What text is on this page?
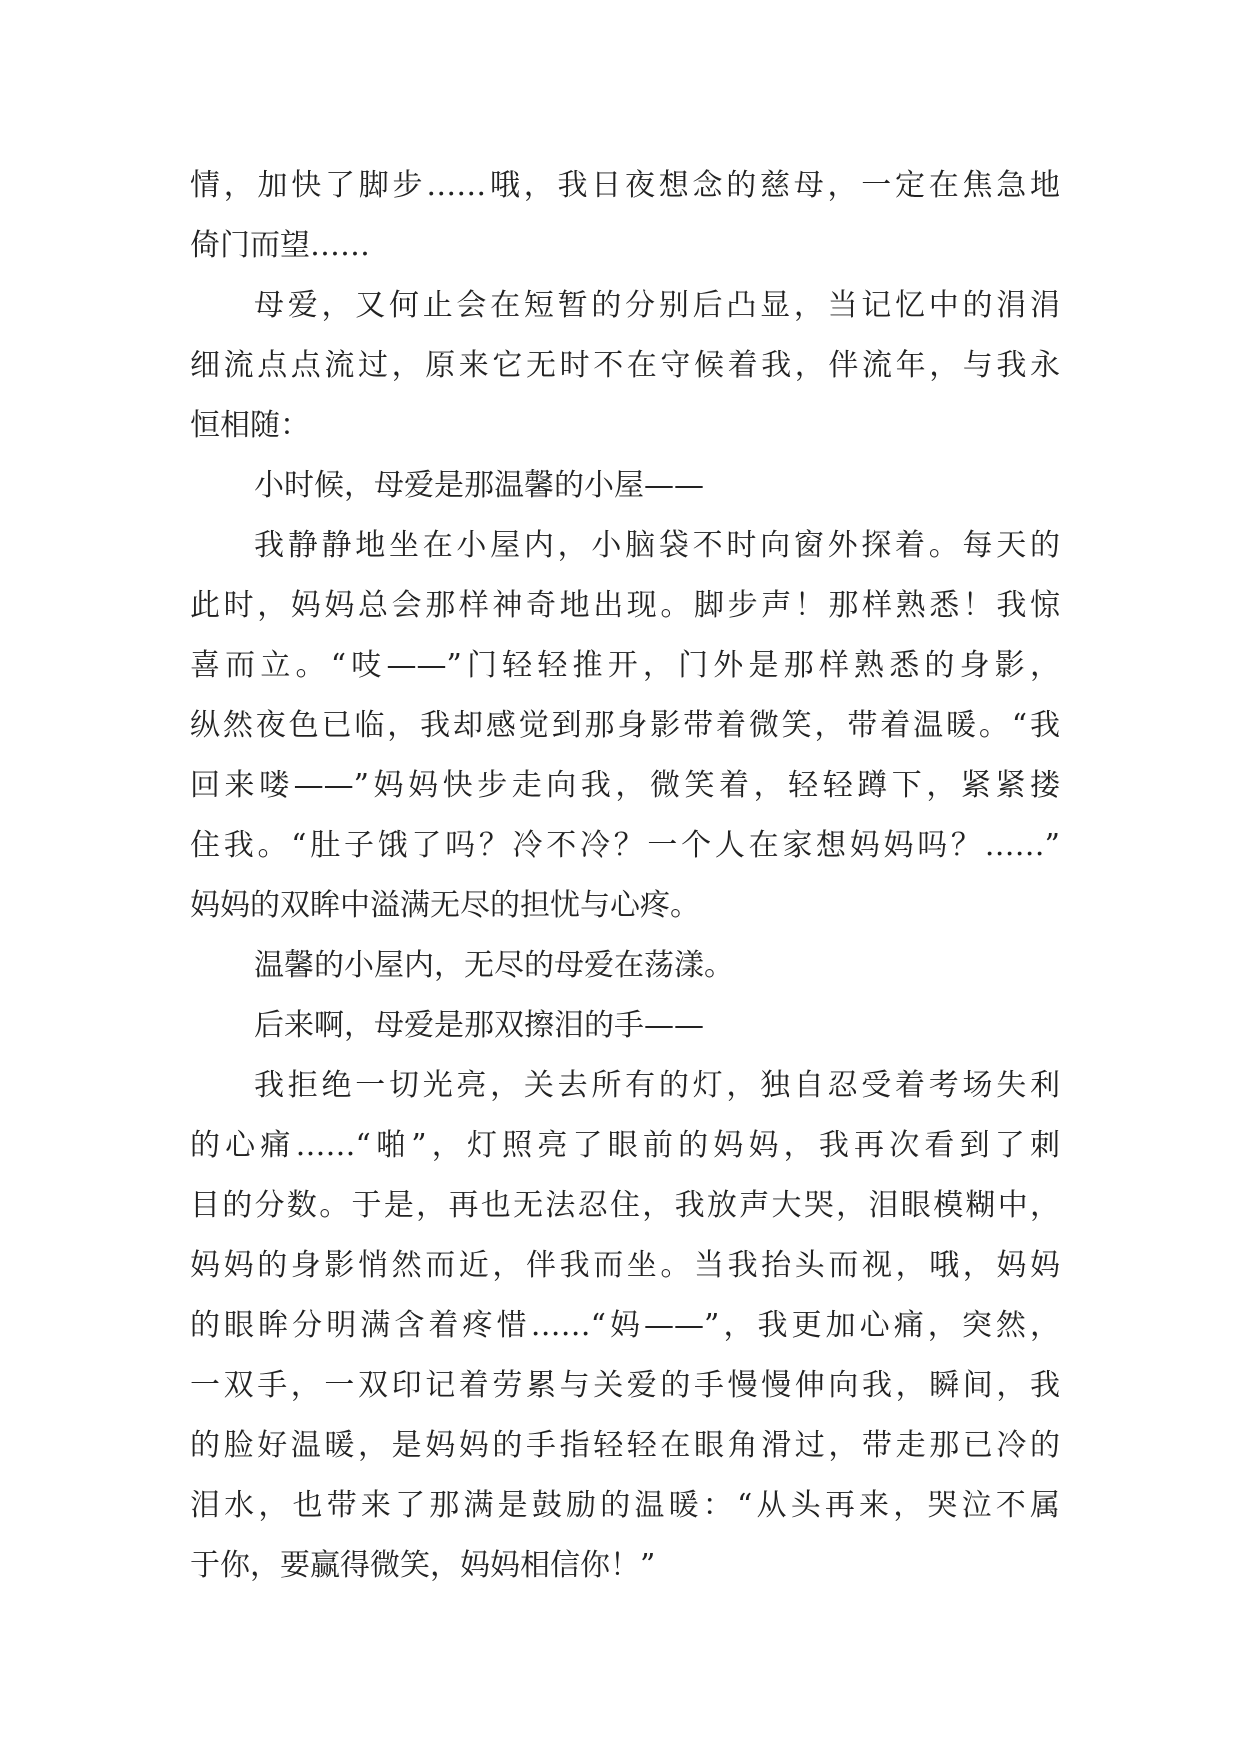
情，加快了脚步……哦，我日夜想念的慈母，一定在焦急地
倚门而望……
母爱，又何止会在短暂的分别后凸显，当记忆中的涓涓
细流点点流过，原来它无时不在守候着我，伴流年，与我永
恒相随：
小时候，母爱是那温馨的小屋——
我静静地坐在小屋内，小脑袋不时向窗外探着。每天的
此时，妈妈总会那样神奇地出现。脚步声！那样熟悉！我惊
喜而立。“吱——”门轻轻推开，门外是那样熟悉的身影，
纵然夜色已临，我却感觉到那身影带着微笑，带着温暖。“我
回来喽——”妈妈快步走向我，微笑着，轻轻蹲下，紧紧搂
住我。“肚子饿了吗？冷不冷？一个人在家想妈妈吗？……”
妈妈的双眸中溢满无尽的担忧与心疼。
温馨的小屋内，无尽的母爱在荡漾。
后来啊，母爱是那双擦泪的手——
我拒绝一切光亮，关去所有的灯，独自忍受着考场失利
的心痛……“啪”，灯照亮了眼前的妈妈，我再次看到了刺
目的分数。于是，再也无法忍住，我放声大哭，泪眼模糊中，
妈妈的身影悄然而近，伴我而坐。当我抬头而视，哦，妈妈
的眼眸分明满含着疼惜……“妈——”，我更加心痛，突然，
一双手，一双印记着劳累与关爱的手慢慢伸向我，瞬间，我
的脸好温暖，是妈妈的手指轻轻在眼角滑过，带走那已冷的
泪水，也带来了那满是鼓励的温暖：“从头再来，哭泣不属
于你，要赢得微笑，妈妈相信你！”
